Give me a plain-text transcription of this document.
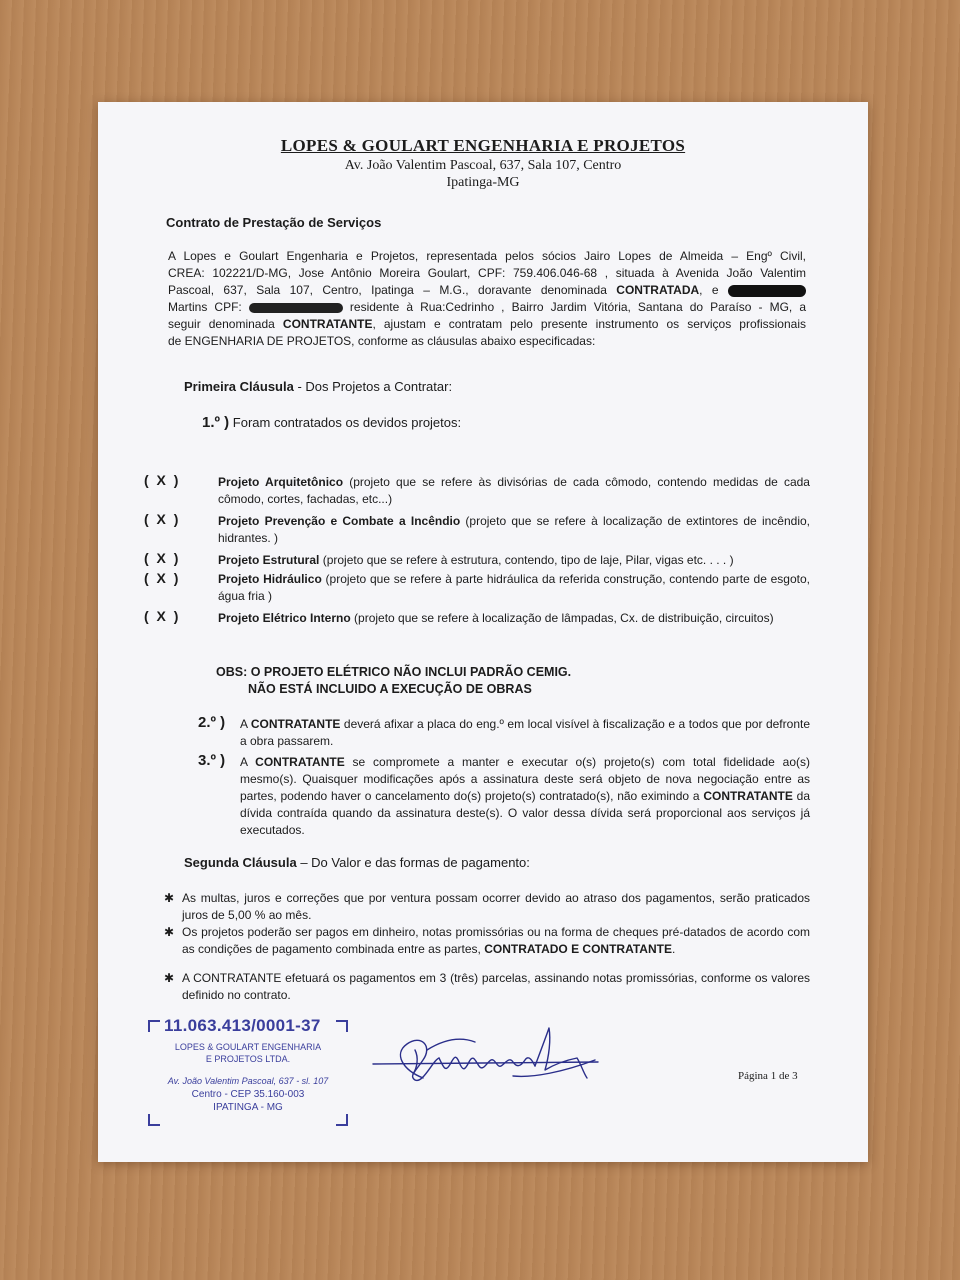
LOPES & GOULART ENGENHARIA E PROJETOS
Av. João Valentim Pascoal, 637, Sala 107, Centro
Ipatinga-MG
Contrato de Prestação de Serviços

A Lopes e Goulart Engenharia e Projetos, representada pelos sócios Jairo Lopes de Almeida – Engº Civil,

CREA: 102221/D-MG, Jose Antônio Moreira Goulart, CPF: 759.406.046-68 , situada à Avenida João Valentim

Pascoal, 637, Sala 107, Centro, Ipatinga – M.G., doravante denominada CONTRATADA, e

Martins CPF:	residente à Rua:Cedrinho , Bairro Jardim Vitória, Santana do Paraíso - MG, a

seguir denominada CONTRATANTE, ajustam e contratam pelo presente instrumento os serviços profissionais

de ENGENHARIA DE PROJETOS, conforme as cláusulas abaixo especificadas:

Primeira Cláusula - Dos Projetos a Contratar:
1.º ) Foram contratados os devidos projetos:
( X )	Projeto Arquitetônico (projeto que se refere às divisórias de cada cômodo, contendo medidas de cada cômodo, cortes, fachadas, etc...)
( X )	Projeto Prevenção e Combate a Incêndio (projeto que se refere à localização de extintores de incêndio, hidrantes. )
( X )	Projeto Estrutural (projeto que se refere à estrutura, contendo, tipo de laje, Pilar, vigas etc. . . . )
( X )	Projeto Hidráulico (projeto que se refere à parte hidráulica da referida construção, contendo parte de esgoto, água fria )
( X )	Projeto Elétrico Interno (projeto que se refere à localização de lâmpadas, Cx. de distribuição, circuitos)
OBS: O PROJETO ELÉTRICO NÃO INCLUI PADRÃO CEMIG.
NÃO ESTÁ INCLUIDO A EXECUÇÃO DE OBRAS
2.º ) A CONTRATANTE deverá afixar a placa do eng.º em local visível à fiscalização e a todos que por defronte a obra passarem.
3.º ) A CONTRATANTE se compromete a manter e executar o(s) projeto(s) com total fidelidade ao(s) mesmo(s). Quaisquer modificações após a assinatura deste será objeto de nova negociação entre as partes, podendo haver o cancelamento do(s) projeto(s) contratado(s), não eximindo a CONTRATANTE da dívida contraída quando da assinatura deste(s). O valor dessa dívida será proporcional aos serviços já executados.
Segunda Cláusula – Do Valor e das formas de pagamento:
✱ As multas, juros e correções que por ventura possam ocorrer devido ao atraso dos pagamentos, serão praticados juros de 5,00 % ao mês.
✱ Os projetos poderão ser pagos em dinheiro, notas promissórias ou na forma de cheques pré-datados de acordo com as condições de pagamento combinada entre as partes, CONTRATADO E CONTRATANTE.
✱ A CONTRATANTE efetuará os pagamentos em 3 (três) parcelas, assinando notas promissórias, conforme os valores definido no contrato.
11.063.413/0001-37
LOPES & GOULART ENGENHARIA
E PROJETOS LTDA.
Av. João Valentim Pascoal, 637 - sl. 107
Centro - CEP 35.160-003
IPATINGA - MG
Página 1 de 3
